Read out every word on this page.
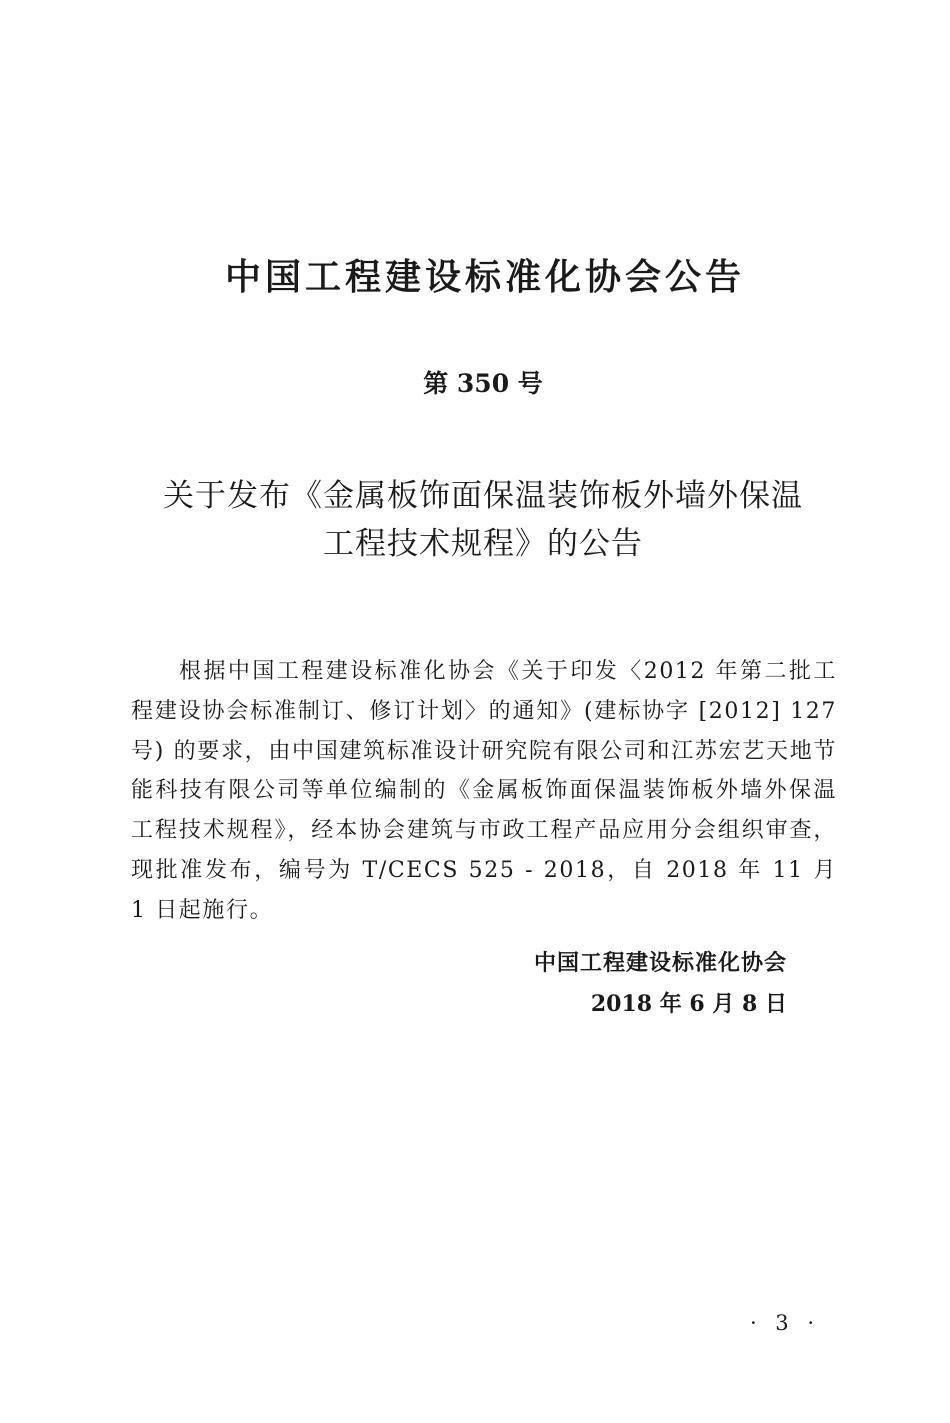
中国工程建设标准化协会公告
第 350 号
关于发布《金属板饰面保温装饰板外墙外保温
工程技术规程》的公告

根据中国工程建设标准化协会《关于印发〈2012 年第二批工程建设协会标准制订、修订计划〉的通知》(建标协字 [2012] 127 号) 的要求，由中国建筑标准设计研究院有限公司和江苏宏艺天地节能科技有限公司等单位编制的《金属板饰面保温装饰板外墙外保温工程技术规程》，经本协会建筑与市政工程产品应用分会组织审查，现批准发布，编号为 T/CECS 525 - 2018，自 2018 年 11 月 1 日起施行。

中国工程建设标准化协会
2018 年 6 月 8 日
· 3 ·
